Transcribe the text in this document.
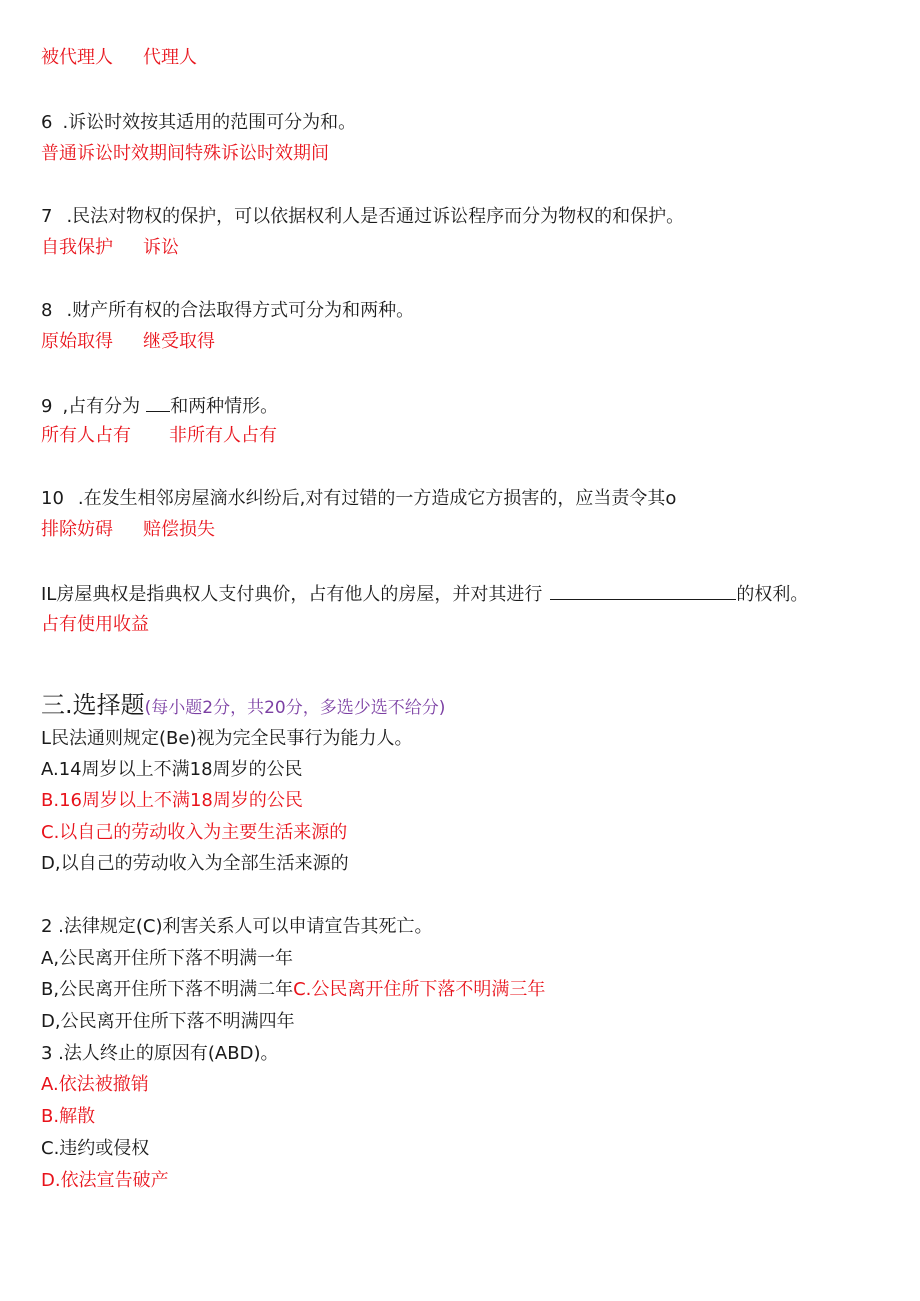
被代理人 代理人
6 .诉讼时效按其适用的范围可分为和。
普通诉讼时效期间特殊诉讼时效期间
7 .民法对物权的保护，可以依据权利人是否通过诉讼程序而分为物权的和保护。
自我保护 诉讼
8 .财产所有权的合法取得方式可分为和两种。
原始取得 继受取得
9 ,占有分为 和两种情形。
所有人占有 非所有人占有
10 .在发生相邻房屋滴水纠纷后,对有过错的一方造成它方损害的，应当责令其o
排除妨碍 赔偿损失
IL房屋典权是指典权人支付典价，占有他人的房屋，并对其进行	的权利。
占有使用收益
三.选择题(每小题2分，共20分，多选少选不给分)
L民法通则规定(Be)视为完全民事行为能力人。
A.14周岁以上不满18周岁的公民
B.16周岁以上不满18周岁的公民
C.以自己的劳动收入为主要生活来源的
D,以自己的劳动收入为全部生活来源的
2 .法律规定(C)利害关系人可以申请宣告其死亡。
A,公民离开住所下落不明满一年
B,公民离开住所下落不明满二年C.公民离开住所下落不明满三年
D,公民离开住所下落不明满四年
3 .法人终止的原因有(ABD)。
A.依法被撤销
B.解散
C.违约或侵权
D.依法宣告破产
